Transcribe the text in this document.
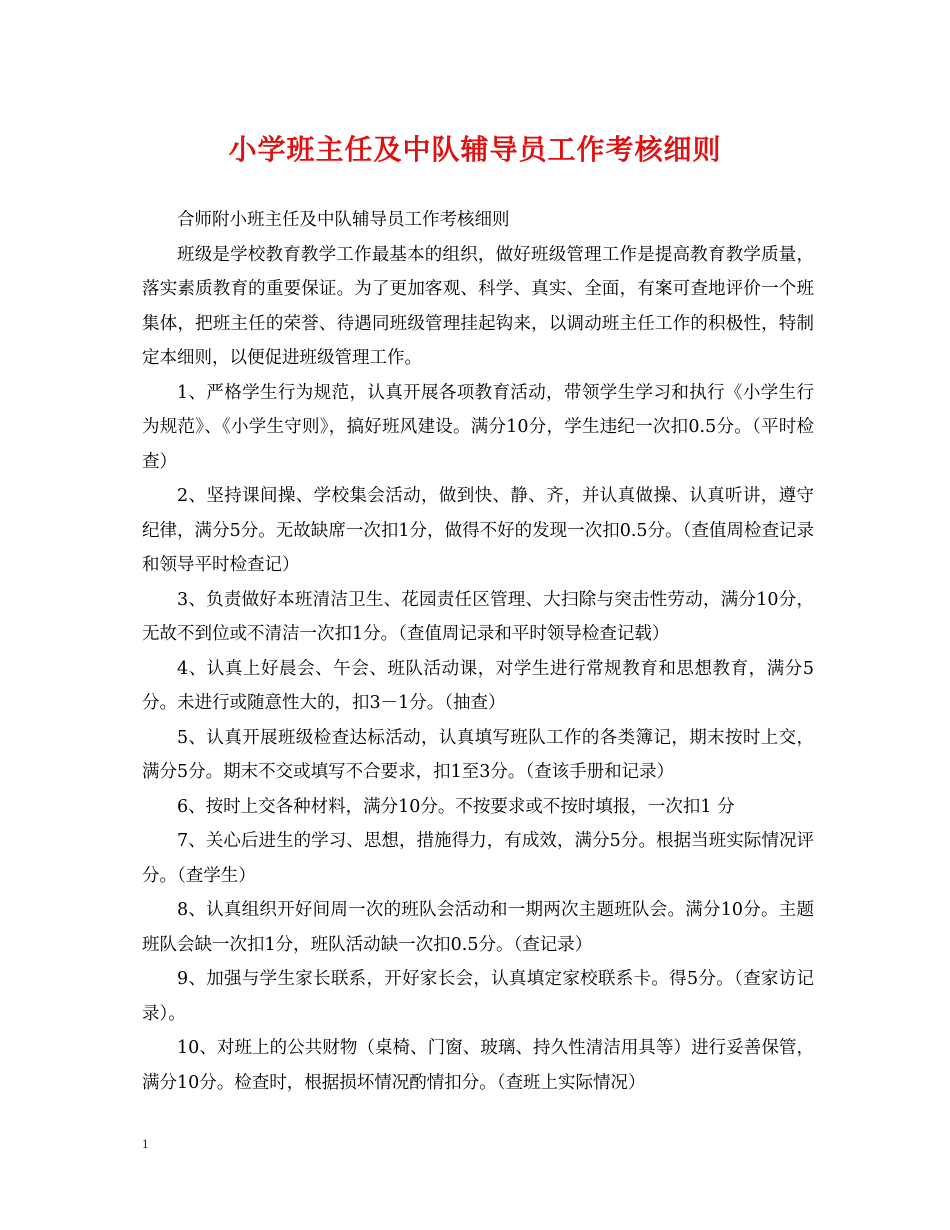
小学班主任及中队辅导员工作考核细则

合师附小班主任及中队辅导员工作考核细则

班级是学校教育教学工作最基本的组织，做好班级管理工作是提高教育教学质量，落实素质教育的重要保证。为了更加客观、科学、真实、全面，有案可查地评价一个班集体，把班主任的荣誉、待遇同班级管理挂起钩来，以调动班主任工作的积极性，特制定本细则，以便促进班级管理工作。

1、严格学生行为规范，认真开展各项教育活动，带领学生学习和执行《小学生行为规范》、《小学生守则》，搞好班风建设。满分10分，学生违纪一次扣0.5分。（平时检查）

2、坚持课间操、学校集会活动，做到快、静、齐，并认真做操、认真听讲，遵守纪律，满分5分。无故缺席一次扣1分，做得不好的发现一次扣0.5分。（查值周检查记录和领导平时检查记）

3、负责做好本班清洁卫生、花园责任区管理、大扫除与突击性劳动，满分10分，无故不到位或不清洁一次扣1分。（查值周记录和平时领导检查记载）

4、认真上好晨会、午会、班队活动课，对学生进行常规教育和思想教育，满分5分。未进行或随意性大的，扣3－1分。（抽查）

5、认真开展班级检查达标活动，认真填写班队工作的各类簿记，期末按时上交，满分5分。期末不交或填写不合要求，扣1至3分。（查该手册和记录）

6、按时上交各种材料，满分10分。不按要求或不按时填报，一次扣1 分

7、关心后进生的学习、思想，措施得力，有成效，满分5分。根据当班实际情况评分。（查学生）

8、认真组织开好间周一次的班队会活动和一期两次主题班队会。满分10分。主题班队会缺一次扣1分，班队活动缺一次扣0.5分。（查记录）

9、加强与学生家长联系，开好家长会，认真填定家校联系卡。得5分。（查家访记录）。

10、对班上的公共财物（桌椅、门窗、玻璃、持久性清洁用具等）进行妥善保管，满分10分。检查时，根据损坏情况酌情扣分。（查班上实际情况）

1
